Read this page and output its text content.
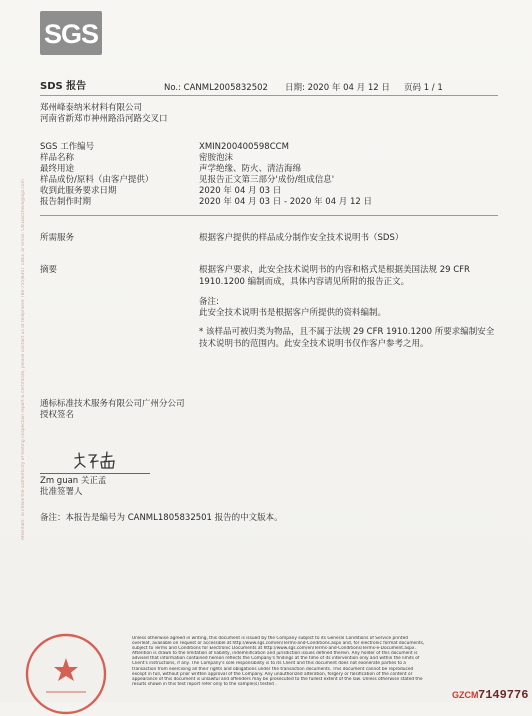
SGS
SDS 报告	No.: CANML2005832502 日期: 2020 年 04 月 12 日 页码 1 / 1
郑州峰泰纳米材料有限公司
河南省新郑市神州路沿河路交叉口
SGS 工作编号	XMIN200400598CCM
样品名称	密胺泡沫
最终用途	声学绝缘、防火、清洁海绵
样品成份/原料（由客户提供）	见报告正文第三部分'成份/组成信息'
收到此服务要求日期	2020 年 04 月 03 日
报告制作时期	2020 年 04 月 03 日 - 2020 年 04 月 12 日
所需服务	根据客户提供的样品成分制作安全技术说明书（SDS）
摘要	根据客户要求，此安全技术说明书的内容和格式是根据美国法规 29 CFR
1910.1200 编制而成，具体内容请见所附的报告正文。
备注:
此安全技术说明书是根据客户所提供的资料编制。
* 该样品可被归类为物品，且不属于法规 29 CFR 1910.1200 所要求编制安全
技术说明书的范围内。此安全技术说明书仅作客户参考之用。
通标标准技术服务有限公司广州分公司
授权签名
Zm guan 关正孟
批准签署人
备注：本报告是编号为 CANML1805832501 报告的中文版本。
Attention: To check the authenticity of testing /inspection report & certificate, please contact us at telephone: (86-755)8307 1443, or email: CN.Doccheck@sgs.com
Unless otherwise agreed in writing, this document is issued by the Company subject to its General Conditions of Service printed
overleaf, available on request or accessible at http://www.sgs.com/en/Terms-and-Conditions.aspx and, for electronic format documents,
subject to Terms and Conditions for Electronic Documents at http://www.sgs.com/en/Terms-and-Conditions/Terms-e-Document.aspx.
Attention is drawn to the limitation of liability, indemnification and jurisdiction issues defined therein. Any holder of this document is
advised that information contained hereon reflects the Company's findings at the time of its intervention only and within the limits of
Client's instructions, if any. The Company's sole responsibility is to its Client and this document does not exonerate parties to a
transaction from exercising all their rights and obligations under the transaction documents. This document cannot be reproduced
except in full, without prior written approval of the Company. Any unauthorized alteration, forgery or falsification of the content or
appearance of this document is unlawful and offenders may be prosecuted to the fullest extent of the law. Unless otherwise stated the
results shown in this test report refer only to the sample(s) tested .
GZCM 7149776
